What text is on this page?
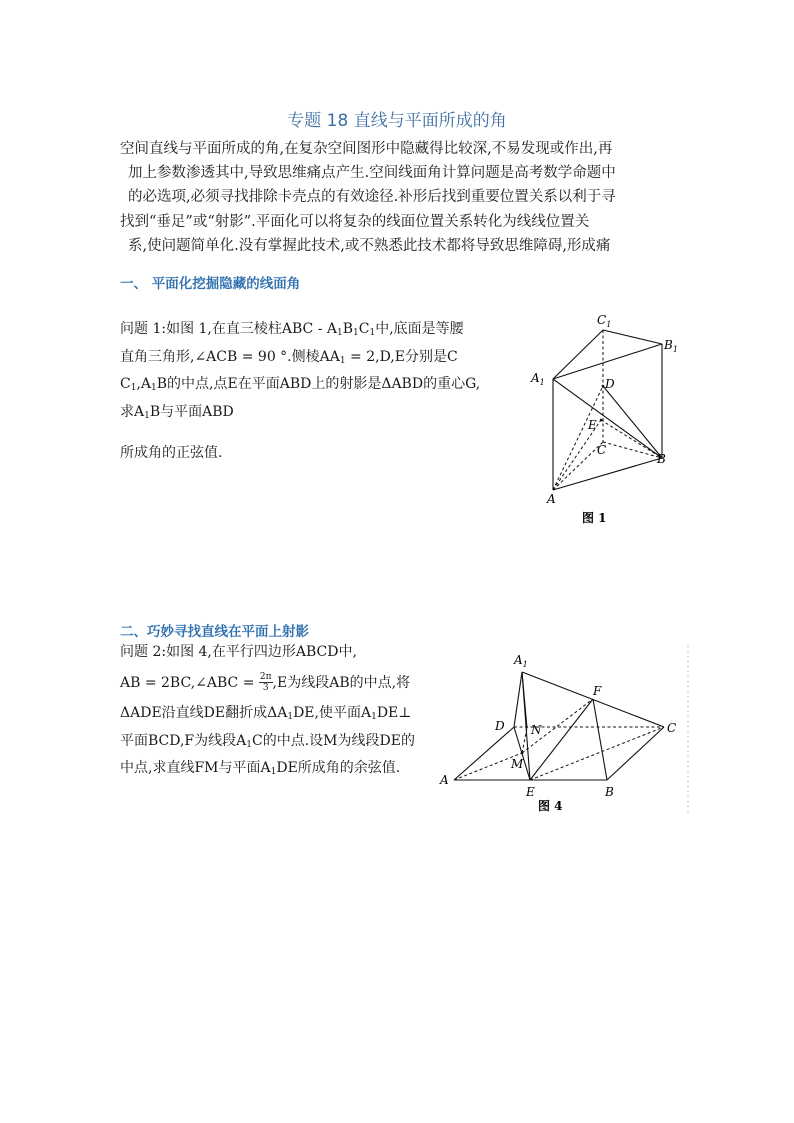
专题 18 直线与平面所成的角
空间直线与平面所成的角,在复杂空间图形中隐藏得比较深,不易发现或作出,再
加上参数渗透其中,导致思维痛点产生.空间线面角计算问题是高考数学命题中
的必选项,必须寻找排除卡壳点的有效途径.补形后找到重要位置关系以利于寻
找到“垂足”或“射影”.平面化可以将复杂的线面位置关系转化为线线位置关
系,使问题简单化.没有掌握此技术,或不熟悉此技术都将导致思维障碍,形成痛
一、 平面化挖掘隐藏的线面角
问题 1:如图 1,在直三棱柱ABC - $A_1B_1C_1$中,底面是等腰
直角三角形,∠ACB = 90 °.侧棱$AA_1 = 2,D,E$分别是C
$C_1,A_1B$的中点,点E在平面ABD上的射影是ΔABD的重心G,
求$A_1B$与平面ABD
所成角的正弦值.
$C_1$
$B_1$
$A_1$	D
E
C
B
A
图 1
二、巧妙寻找直线在平面上射影
问题 2:如图 4,在平行四边形ABCD中,
AB = 2BC,∠ABC = $\frac{2\pi}{3} ,E$为线段AB的中点,将
ΔADE沿直线DE翻折成$\Delta A_1DE$,使平面$A_1DE\perp$
平面BCD,F为线段$A_1C$的中点.设M为线段DE的
中点,求直线FM与平面$A_1DE$所成角的余弦值.
$A_1$
F
D N	C
M
A
E	B
图 4
